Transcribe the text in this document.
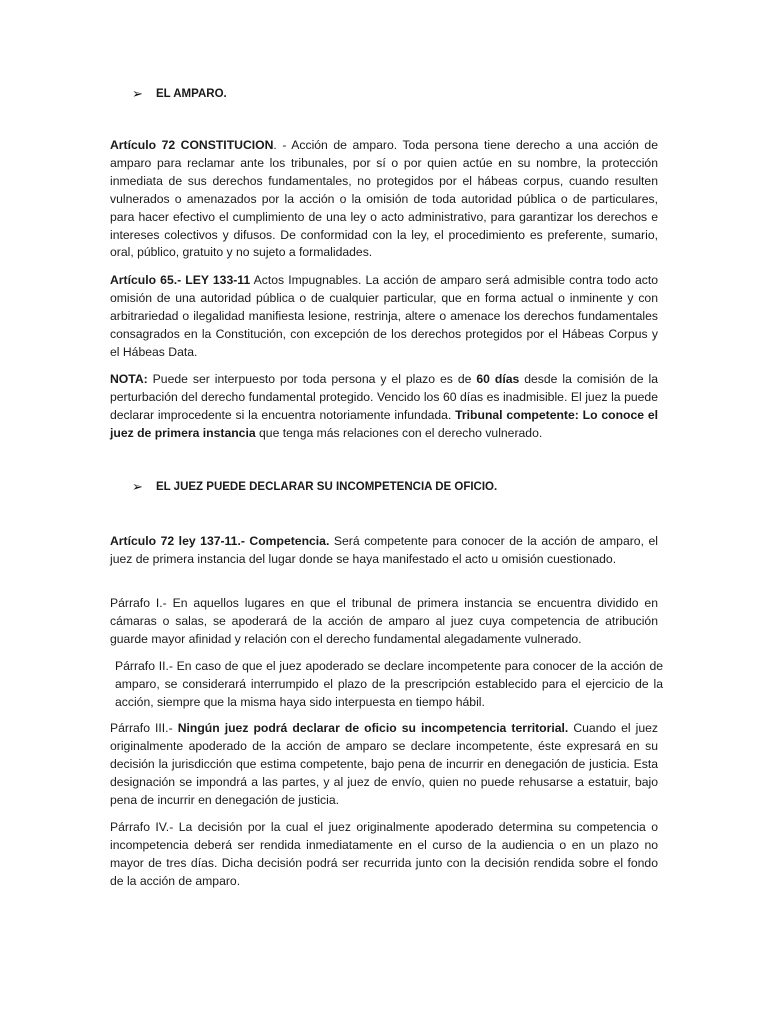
➢	EL AMPARO.

Artículo 72 CONSTITUCION. - Acción de amparo. Toda persona tiene derecho a una acción de amparo para reclamar ante los tribunales, por sí o por quien actúe en su nombre, la protección inmediata de sus derechos fundamentales, no protegidos por el hábeas corpus, cuando resulten vulnerados o amenazados por la acción o la omisión de toda autoridad pública o de particulares, para hacer efectivo el cumplimiento de una ley o acto administrativo, para garantizar los derechos e intereses colectivos y difusos. De conformidad con la ley, el procedimiento es preferente, sumario, oral, público, gratuito y no sujeto a formalidades.

Artículo 65.- LEY 133-11 Actos Impugnables. La acción de amparo será admisible contra todo acto omisión de una autoridad pública o de cualquier particular, que en forma actual o inminente y con arbitrariedad o ilegalidad manifiesta lesione, restrinja, altere o amenace los derechos fundamentales consagrados en la Constitución, con excepción de los derechos protegidos por el Hábeas Corpus y el Hábeas Data.

NOTA: Puede ser interpuesto por toda persona y el plazo es de 60 días desde la comisión de la perturbación del derecho fundamental protegido. Vencido los 60 días es inadmisible. El juez la puede declarar improcedente si la encuentra notoriamente infundada. Tribunal competente: Lo conoce el juez de primera instancia que tenga más relaciones con el derecho vulnerado.

➢	EL JUEZ PUEDE DECLARAR SU INCOMPETENCIA DE OFICIO.

Artículo 72 ley 137-11.- Competencia. Será competente para conocer de la acción de amparo, el juez de primera instancia del lugar donde se haya manifestado el acto u omisión cuestionado.

Párrafo I.- En aquellos lugares en que el tribunal de primera instancia se encuentra dividido en cámaras o salas, se apoderará de la acción de amparo al juez cuya competencia de atribución guarde mayor afinidad y relación con el derecho fundamental alegadamente vulnerado.

Párrafo II.- En caso de que el juez apoderado se declare incompetente para conocer de la acción de amparo, se considerará interrumpido el plazo de la prescripción establecido para el ejercicio de la acción, siempre que la misma haya sido interpuesta en tiempo hábil.

Párrafo III.- Ningún juez podrá declarar de oficio su incompetencia territorial. Cuando el juez originalmente apoderado de la acción de amparo se declare incompetente, éste expresará en su decisión la jurisdicción que estima competente, bajo pena de incurrir en denegación de justicia. Esta designación se impondrá a las partes, y al juez de envío, quien no puede rehusarse a estatuir, bajo pena de incurrir en denegación de justicia.

Párrafo IV.- La decisión por la cual el juez originalmente apoderado determina su competencia o incompetencia deberá ser rendida inmediatamente en el curso de la audiencia o en un plazo no mayor de tres días. Dicha decisión podrá ser recurrida junto con la decisión rendida sobre el fondo de la acción de amparo.
